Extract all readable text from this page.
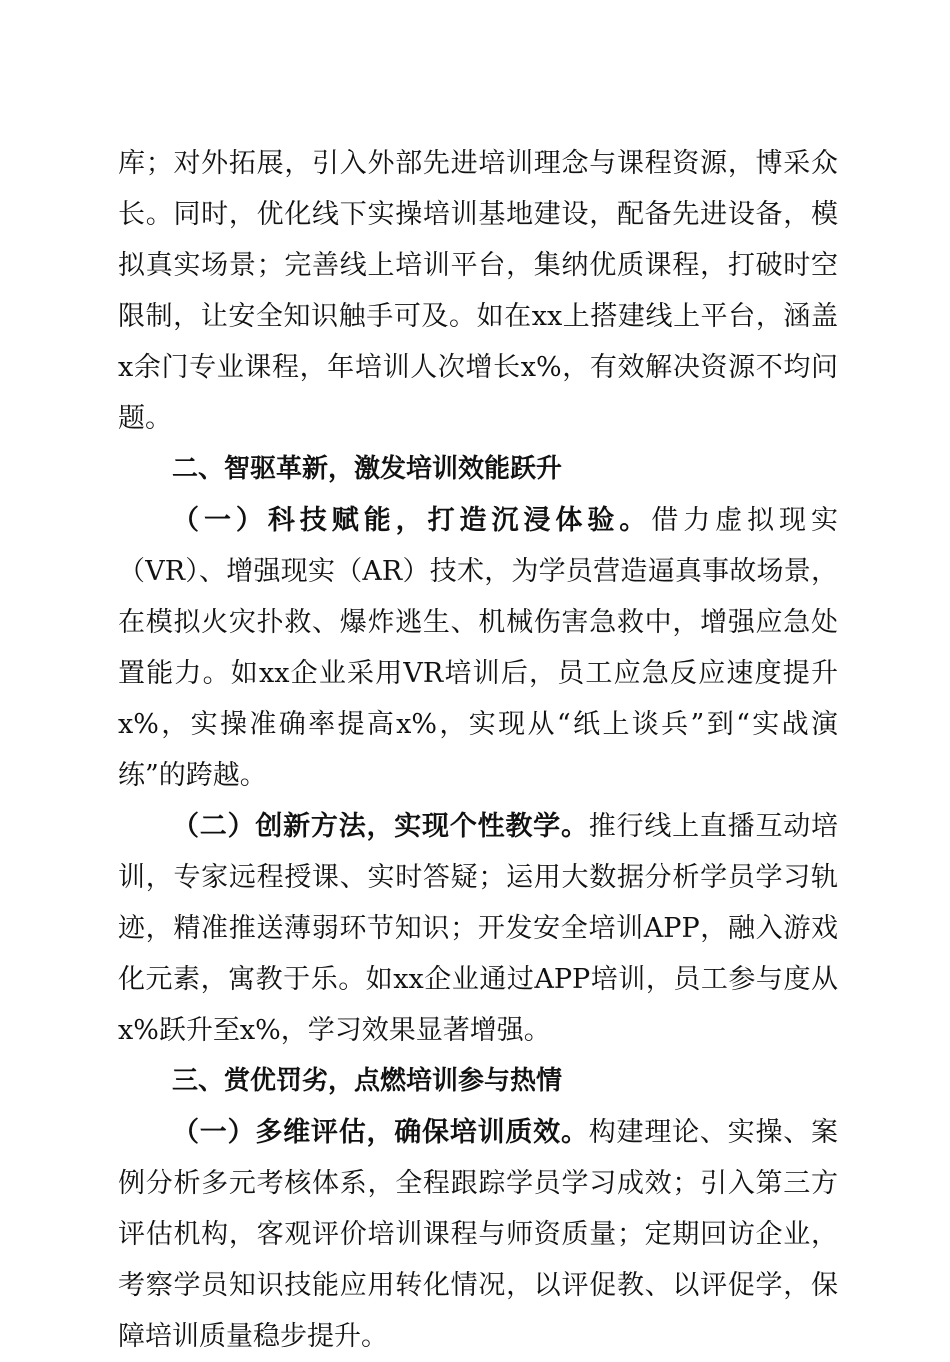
库；对外拓展，引入外部先进培训理念与课程资源，博采众长。同时，优化线下实操培训基地建设，配备先进设备，模拟真实场景；完善线上培训平台，集纳优质课程，打破时空限制，让安全知识触手可及。如在xx上搭建线上平台，涵盖x余门专业课程，年培训人次增长x%，有效解决资源不均问题。

二、智驱革新，激发培训效能跃升

（一）科技赋能，打造沉浸体验。借力虚拟现实（VR）、增强现实（AR）技术，为学员营造逼真事故场景，在模拟火灾扑救、爆炸逃生、机械伤害急救中，增强应急处置能力。如xx企业采用VR培训后，员工应急反应速度提升x%，实操准确率提高x%，实现从“纸上谈兵”到“实战演练”的跨越。

（二）创新方法，实现个性教学。推行线上直播互动培训，专家远程授课、实时答疑；运用大数据分析学员学习轨迹，精准推送薄弱环节知识；开发安全培训APP，融入游戏化元素，寓教于乐。如xx企业通过APP培训，员工参与度从x%跃升至x%，学习效果显著增强。

三、赏优罚劣，点燃培训参与热情

（一）多维评估，确保培训质效。构建理论、实操、案例分析多元考核体系，全程跟踪学员学习成效；引入第三方评估机构，客观评价培训课程与师资质量；定期回访企业，考察学员知识技能应用转化情况，以评促教、以评促学，保障培训质量稳步提升。
